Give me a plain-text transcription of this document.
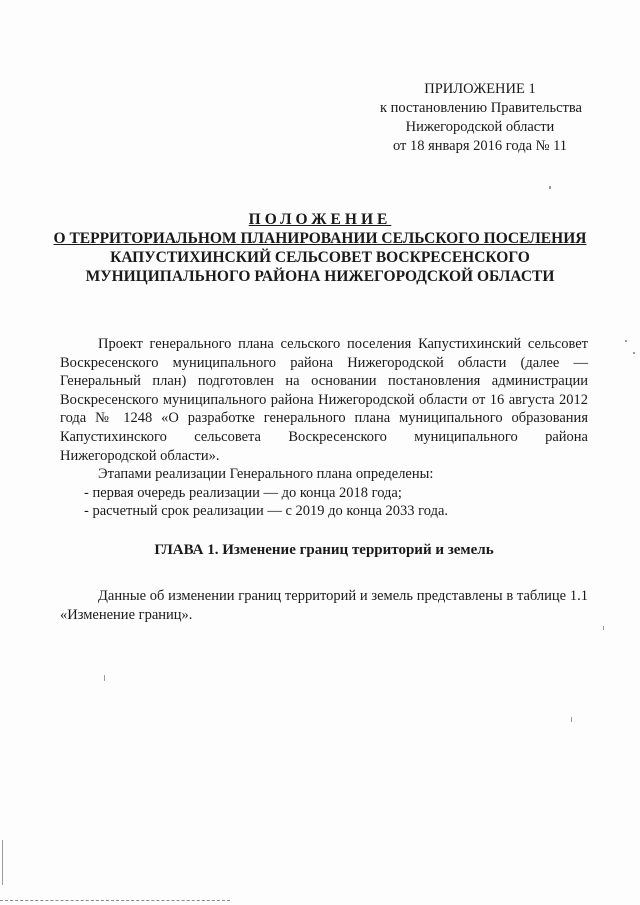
ПРИЛОЖЕНИЕ 1
к постановлению Правительства
Нижегородской области
от 18 января 2016 года № 11
ПОЛОЖЕНИЕ
О ТЕРРИТОРИАЛЬНОМ ПЛАНИРОВАНИИ СЕЛЬСКОГО ПОСЕЛЕНИЯ
КАПУСТИХИНСКИЙ СЕЛЬСОВЕТ ВОСКРЕСЕНСКОГО
МУНИЦИПАЛЬНОГО РАЙОНА НИЖЕГОРОДСКОЙ ОБЛАСТИ

Проект генерального плана сельского поселения Капустихинский сельсовет Воскресенского муниципального района Нижегородской области (далее — Генеральный план) подготовлен на основании постановления администрации Воскресенского муниципального района Нижегородской области от 16 августа 2012 года № 1248 «О разработке генерального плана муниципального образования Капустихинского сельсовета Воскресенского муниципального района Нижегородской области».

Этапами реализации Генерального плана определены:

- первая очередь реализации — до конца 2018 года;

- расчетный срок реализации — с 2019 до конца 2033 года.

ГЛАВА 1. Изменение границ территорий и земель

Данные об изменении границ территорий и земель представлены в таблице 1.1 «Изменение границ».
